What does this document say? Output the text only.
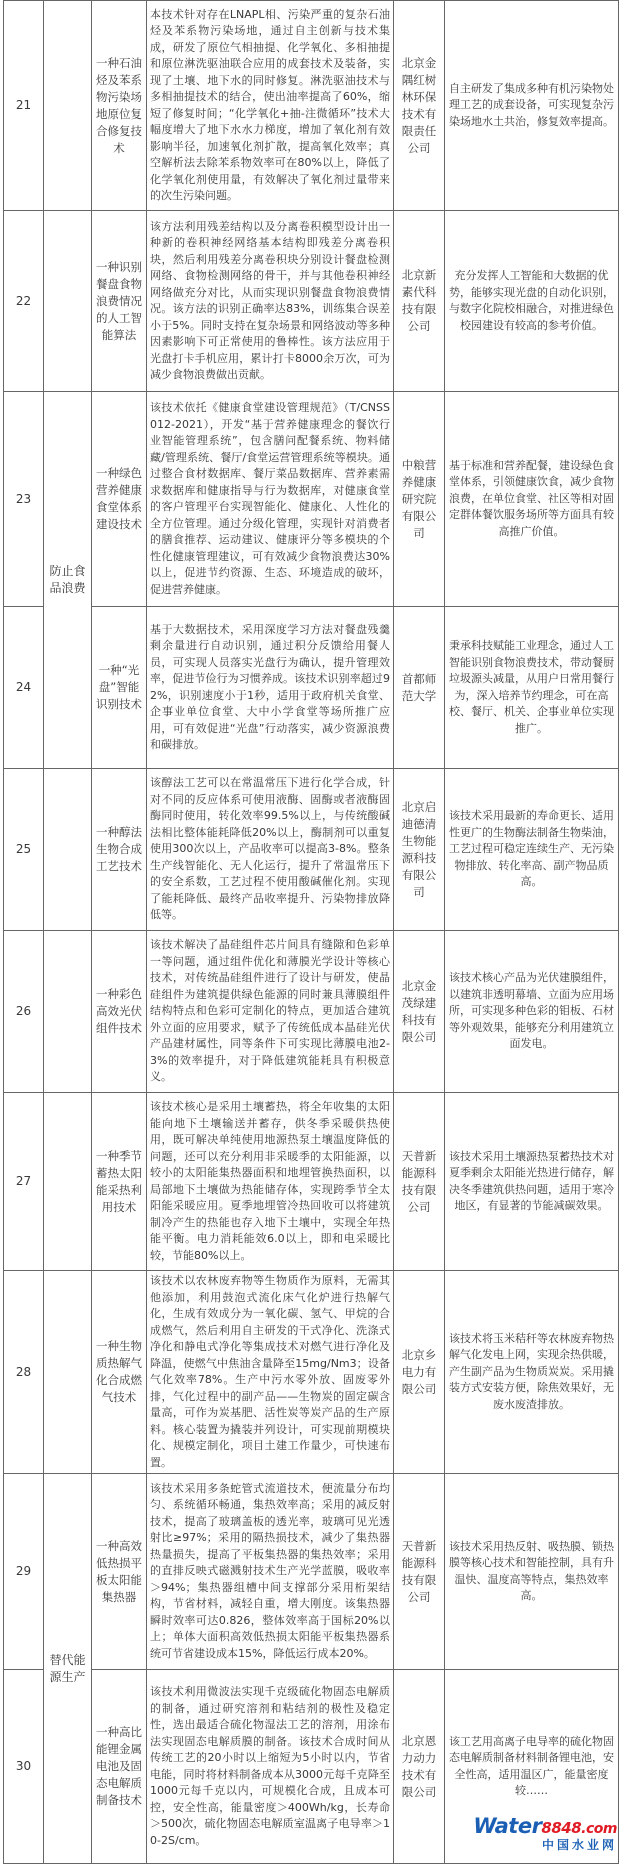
21		一种石油烃及苯系物污染场地原位复合修复技术	本技术针对存在LNAPL相、污染严重的复杂石油烃及苯系物污染场地，通过自主创新与技术集成，研发了原位气相抽提、化学氧化、多相抽提和原位淋洗驱油联合应用的成套技术及装备，实现了土壤、地下水的同时修复。淋洗驱油技术与多相抽提技术的结合，使出油率提高了60%，缩短了修复时间；“化学氧化+抽-注微循环”技术大幅度增大了地下水水力梯度，增加了氧化剂有效影响半径，加速氧化剂扩散，提高氧化效率；真空解析法去除苯系物效率可在80%以上，降低了化学氧化剂使用量，有效解决了氧化剂过量带来的次生污染问题。	北京金隅红树林环保技术有限责任公司	自主研发了集成多种有机污染物处理工艺的成套设备，可实现复杂污染场地水土共治，修复效率提高。
22		一种识别餐盘食物浪费情况的人工智能算法	该方法利用残差结构以及分离卷积模型设计出一种新的卷积神经网络基本结构即残差分离卷积块，然后利用残差分离卷积块分别设计餐盘检测网络、食物检测网络的骨干，并与其他卷积神经网络做充分对比，从而实现识别餐盘食物浪费情况。该方法的识别正确率达83%，训练集合误差小于5%。同时支持在复杂场景和网络波动等多种因素影响下可正常使用的鲁棒性。该方法应用于光盘打卡手机应用，累计打卡8000余万次，可为减少食物浪费做出贡献。	北京新素代科技有限公司	充分发挥人工智能和大数据的优势，能够实现光盘的自动化识别，与数字化院校相融合，对推进绿色校园建设有较高的参考价值。
23	防止食品浪费	一种绿色营养健康食堂体系建设技术	该技术依托《健康食堂建设管理规范》（T/CNSS 012-2021），开发“基于营养健康理念的餐饮行业智能管理系统”，包含膳问配餐系统、物料储藏/管理系统、餐厅/食堂运营管理系统等模块。通过整合食材数据库、餐厅菜品数据库、营养素需求数据库和健康指导与行为数据库，对健康食堂的客户管理平台实现智能化、健康化、人性化的全方位管理。通过分级化管理，实现针对消费者的膳食推荐、运动建议、健康评分等多模块的个性化健康管理建议，可有效减少食物浪费达30%以上，促进节约资源、生态、环境造成的破坏，促进营养健康。	中粮营养健康研究院有限公司	基于标准和营养配餐，建设绿色食堂体系，引领健康饮食，减少食物浪费，在单位食堂、社区等相对固定群体餐饮服务场所等方面具有较高推广价值。
24		一种“光盘”智能识别技术	基于大数据技术，采用深度学习方法对餐盘残羹剩余量进行自动识别，通过积分反馈给用餐人员，可实现人员落实光盘行为确认，提升管理效率，促进节俭行为习惯养成。该技术识别率超过92%，识别速度小于1秒，适用于政府机关食堂、企事业单位食堂、大中小学食堂等场所推广应用，可有效促进“光盘”行动落实，减少资源浪费和碳排放。	首都师范大学	秉承科技赋能工业理念，通过人工智能识别食物浪费技术，带动餐厨垃圾源头减量，从用户日常用餐行为，深入培养节约理念，可在高校、餐厅、机关、企事业单位实现推广。
25		一种醇法生物合成工艺技术	该醇法工艺可以在常温常压下进行化学合成，针对不同的反应体系可使用液酶、固酶或者液酶固酶同时使用，转化效率99.5%以上，与传统酸碱法相比整体能耗降低20%以上，酶制剂可以重复使用300次以上，产品收率可以提高3-8%。整条生产线智能化、无人化运行，提升了常温常压下的安全系数，工艺过程不使用酸碱催化剂。实现了能耗降低、最终产品收率提升、污染物排放降低等。	北京启迪德清生物能源科技有限公司	该技术采用最新的寿命更长、适用性更广的生物酶法制备生物柴油，工艺过程可稳定连续生产、无污染物排放、转化率高、副产物品质高。
26		一种彩色高效光伏组件技术	该技术解决了晶硅组件芯片间具有缝隙和色彩单一等问题，通过组件优化和薄膜光学设计等核心技术，对传统晶硅组件进行了设计与研发，使晶硅组件为建筑提供绿色能源的同时兼具薄膜组件结构特点和色彩可定制化的特点，更加适合建筑外立面的应用要求，赋予了传统低成本晶硅光伏产品建材属性，同等条件下可实现比薄膜电池2-3%的效率提升，对于降低建筑能耗具有积极意义。	北京金茂绿建科技有限公司	该技术核心产品为光伏建膜组件，以建筑非透明幕墙、立面为应用场所，可实现多种色彩的钼板、石材等外观效果，能够充分利用建筑立面发电。
27		一种季节蓄热太阳能采热利用技术	该技术核心是采用土壤蓄热，将全年收集的太阳能向地下土壤输送并蓄存，供冬季采暖供热使用，既可解决单纯使用地源热泵土壤温度降低的问题，还可以充分利用非采暖季的太阳能源，以较小的太阳能集热器面积和地埋管换热面积，以局部地下土壤做为热能储存体，实现跨季节全太阳能采暖应用。夏季地埋管冷热回收可以将建筑制冷产生的热能也存入地下土壤中，实现全年热能平衡。电力消耗能效6.0以上，即和电采暖比较，节能80%以上。	天普新能源科技有限公司	该技术采用土壤源热泵蓄热技术对夏季剩余太阳能光热进行储存，解决冬季建筑供热问题，适用于寒冷地区，有显著的节能减碳效果。
28		一种生物质热解气化合成燃气技术	该技术以农林废弃物等生物质作为原料，无需其他添加，利用鼓泡式流化床气化炉进行热解气化，生成有效成分为一氧化碳、氢气、甲烷的合成燃气，然后利用自主研发的干式净化、洗涤式净化和静电式净化等集成技术对燃气进行净化及降温，使燃气中焦油含量降至15mg/Nm3；设备气化效率78%。生产中污水零外放、固废零外排，气化过程中的副产品——生物炭的固定碳含量高，可作为炭基肥、活性炭等炭产品的生产原料。核心装置为撬装并列设计，可实现前期模块化、规模定制化，项目土建工作量少，可快速布置。	北京乡电力有限公司	该技术将玉米秸秆等农林废弃物热解气化发电上网，实现余热供暖，产生副产品为生物质炭炭。采用撬装方式安装方便，除焦效果好，无废水废渣排放。
29	替代能源生产	一种高效低热损平板太阳能集热器	该技术采用多条蛇管式流道技术，便流量分布均匀、系统循环畅通，集热效率高；采用的减反射技术，提高了玻璃盖板的透光率，玻璃可见光透射比≥97%；采用的隔热损技术，减少了集热器热量损失，提高了平板集热器的集热效率；采用的直排反映式磁溅射技术生产光学蓝膜，吸收率＞94%；集热器组槽中间支撑部分采用桁架结构，节省材料，减轻自重，增大刚度。该集热器瞬时效率可达0.826，整体效率高于国标20%以上；单体大面积高效低热损太阳能平板集热器系统可节省建设成本15%，降低运行成本20%。	天普新能源科技有限公司	该技术采用热反射、吸热膜、锁热膜等核心技术和智能控制，具有升温快、温度高等特点，集热效率高。
30		一种高比能锂金属电池及固态电解质制备技术	该技术利用微波法实现千克级硫化物固态电解质的制备，通过研究溶剂和粘结剂的极性及稳定性，选出最适合硫化物湿法工艺的溶剂，用涂布法实现固态电解质膜的制备。该技术合成时间从传统工艺的20小时以上缩短为5小时以内，节省电能，同时将材料制备成本从3000元每千克降至1000元每千克以内，可规模化合成，且成本可控，安全性高，能量密度＞400Wh/kg，长寿命＞500次，硫化物固态电解质室温离子电导率＞10-2S/cm。	北京恩力动力技术有限公司	该工艺用高离子电导率的硫化物固态电解质制备材料制备锂电池，安全性高，适用温区广，能量密度较……
Water8848.com
中国水业网
